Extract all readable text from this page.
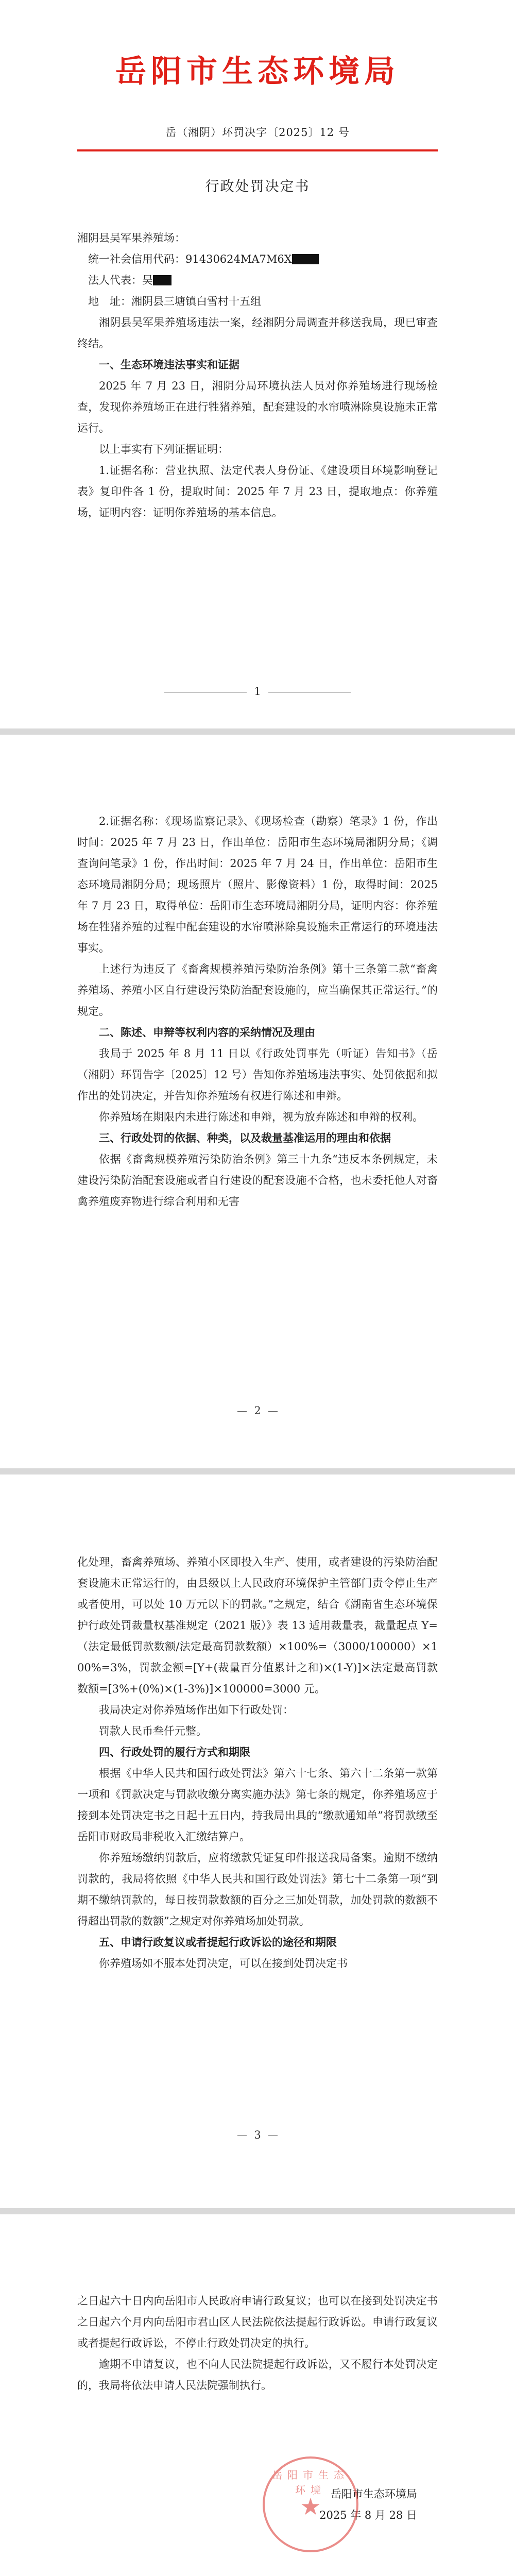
岳阳市生态环境局
岳（湘阴）环罚决字〔2025〕12 号
行政处罚决定书

湘阴县吴军果养殖场：

统一社会信用代码：91430624MA7M6X
法人代表：吴
地　址：湘阴县三塘镇白雪村十五组

湘阴县吴军果养殖场违法一案，经湘阴分局调查并移送我局，现已审查终结。

一、生态环境违法事实和证据

2025 年 7 月 23 日，湘阴分局环境执法人员对你养殖场进行现场检查，发现你养殖场正在进行牲猪养殖，配套建设的水帘喷淋除臭设施未正常运行。

以上事实有下列证据证明：

1.证据名称：营业执照、法定代表人身份证、《建设项目环境影响登记表》复印件各 1 份，提取时间：2025 年 7 月 23 日，提取地点：你养殖场，证明内容：证明你养殖场的基本信息。

1

2.证据名称：《现场监察记录》、《现场检查（勘察）笔录》1 份，作出时间：2025 年 7 月 23 日，作出单位：岳阳市生态环境局湘阴分局；《调查询问笔录》1 份，作出时间：2025 年 7 月 24 日，作出单位：岳阳市生态环境局湘阴分局；现场照片（照片、影像资料）1 份，取得时间：2025 年 7 月 23 日，取得单位：岳阳市生态环境局湘阴分局，证明内容：你养殖场在牲猪养殖的过程中配套建设的水帘喷淋除臭设施未正常运行的环境违法事实。

上述行为违反了《畜禽规模养殖污染防治条例》第十三条第二款“畜禽养殖场、养殖小区自行建设污染防治配套设施的，应当确保其正常运行。”的规定。

二、陈述、申辩等权利内容的采纳情况及理由

我局于 2025 年 8 月 11 日以《行政处罚事先（听证）告知书》（岳（湘阴）环罚告字〔2025〕12 号）告知你养殖场违法事实、处罚依据和拟作出的处罚决定，并告知你养殖场有权进行陈述和申辩。

你养殖场在期限内未进行陈述和申辩，视为放弃陈述和申辩的权利。

三、行政处罚的依据、种类，以及裁量基准运用的理由和依据

依据《畜禽规模养殖污染防治条例》第三十九条“违反本条例规定，未建设污染防治配套设施或者自行建设的配套设施不合格，也未委托他人对畜禽养殖废弃物进行综合利用和无害

2

化处理，畜禽养殖场、养殖小区即投入生产、使用，或者建设的污染防治配套设施未正常运行的，由县级以上人民政府环境保护主管部门责令停止生产或者使用，可以处 10 万元以下的罚款。”之规定，结合《湖南省生态环境保护行政处罚裁量权基准规定（2021 版）》表 13 适用裁量表，裁量起点 Y=（法定最低罚款数额/法定最高罚款数额）×100%=（3000/100000）×100%=3%，罚款金额=[Y+(裁量百分值累计之和)×(1-Y)]×法定最高罚款数额=[3%+(0%)×(1-3%)]×100000=3000 元。

我局决定对你养殖场作出如下行政处罚：

罚款人民币叁仟元整。

四、行政处罚的履行方式和期限

根据《中华人民共和国行政处罚法》第六十七条、第六十二条第一款第一项和《罚款决定与罚款收缴分离实施办法》第七条的规定，你养殖场应于接到本处罚决定书之日起十五日内，持我局出具的“缴款通知单”将罚款缴至岳阳市财政局非税收入汇缴结算户。

你养殖场缴纳罚款后，应将缴款凭证复印件报送我局备案。逾期不缴纳罚款的，我局将依照《中华人民共和国行政处罚法》第七十二条第一项“到期不缴纳罚款的，每日按罚款数额的百分之三加处罚款，加处罚款的数额不得超出罚款的数额”之规定对你养殖场加处罚款。

五、申请行政复议或者提起行政诉讼的途径和期限

你养殖场如不服本处罚决定，可以在接到处罚决定书

3

之日起六十日内向岳阳市人民政府申请行政复议；也可以在接到处罚决定书之日起六个月内向岳阳市君山区人民法院依法提起行政诉讼。申请行政复议或者提起行政诉讼，不停止行政处罚决定的执行。

逾期不申请复议，也不向人民法院提起行政诉讼，又不履行本处罚决定的，我局将依法申请人民法院强制执行。

岳阳市生态环境局
2025 年 8 月 28 日
岳阳市生态环境
★
